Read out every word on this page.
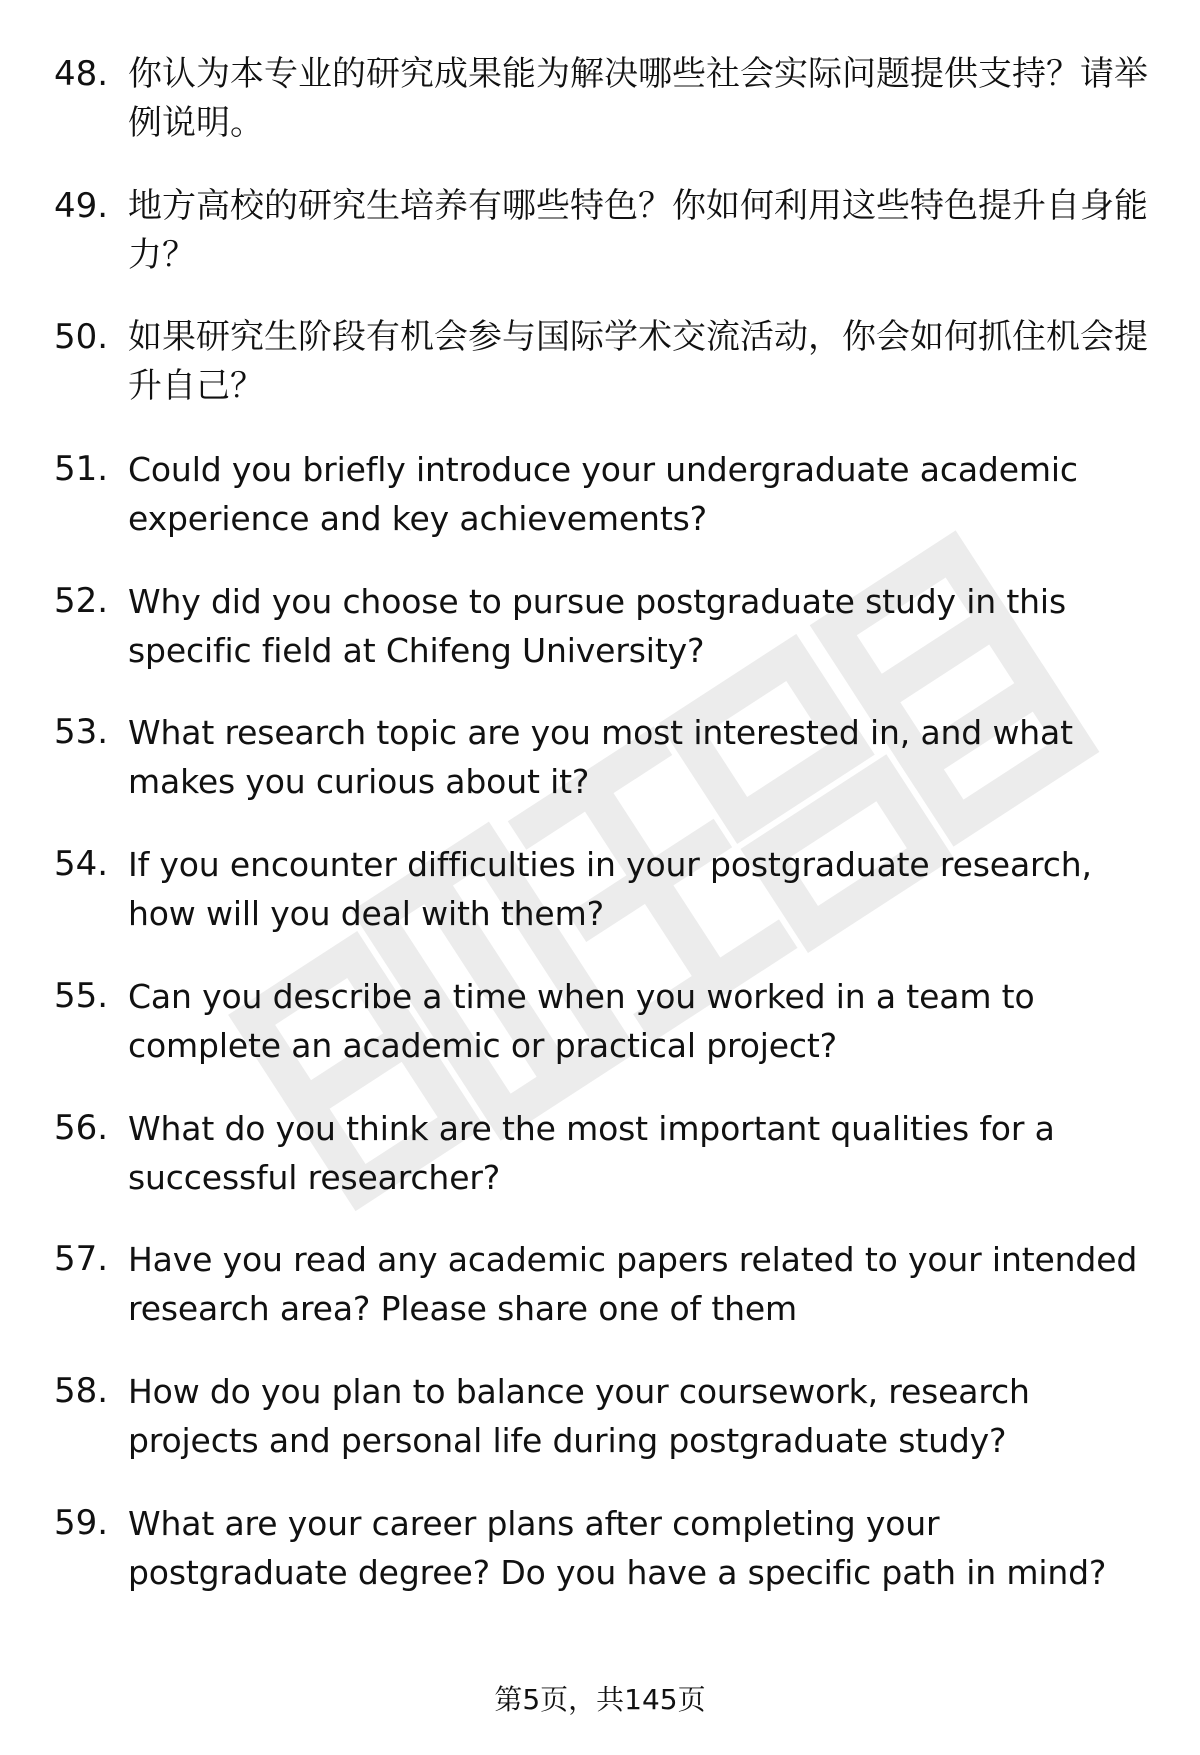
48. 你认为本专业的研究成果能为解决哪些社会实际问题提供支持？请举例说明。
49. 地方高校的研究生培养有哪些特色？你如何利用这些特色提升自身能力？
50. 如果研究生阶段有机会参与国际学术交流活动，你会如何抓住机会提升自己？
51. Could you briefly introduce your undergraduate academic experience and key achievements?
52. Why did you choose to pursue postgraduate study in this specific field at Chifeng University?
53. What research topic are you most interested in, and what makes you curious about it?
54. If you encounter difficulties in your postgraduate research, how will you deal with them?
55. Can you describe a time when you worked in a team to complete an academic or practical project?
56. What do you think are the most important qualities for a successful researcher?
57. Have you read any academic papers related to your intended research area? Please share one of them
58. How do you plan to balance your coursework, research projects and personal life during postgraduate study?
59. What are your career plans after completing your postgraduate degree? Do you have a specific path in mind?
第5页，共145页
